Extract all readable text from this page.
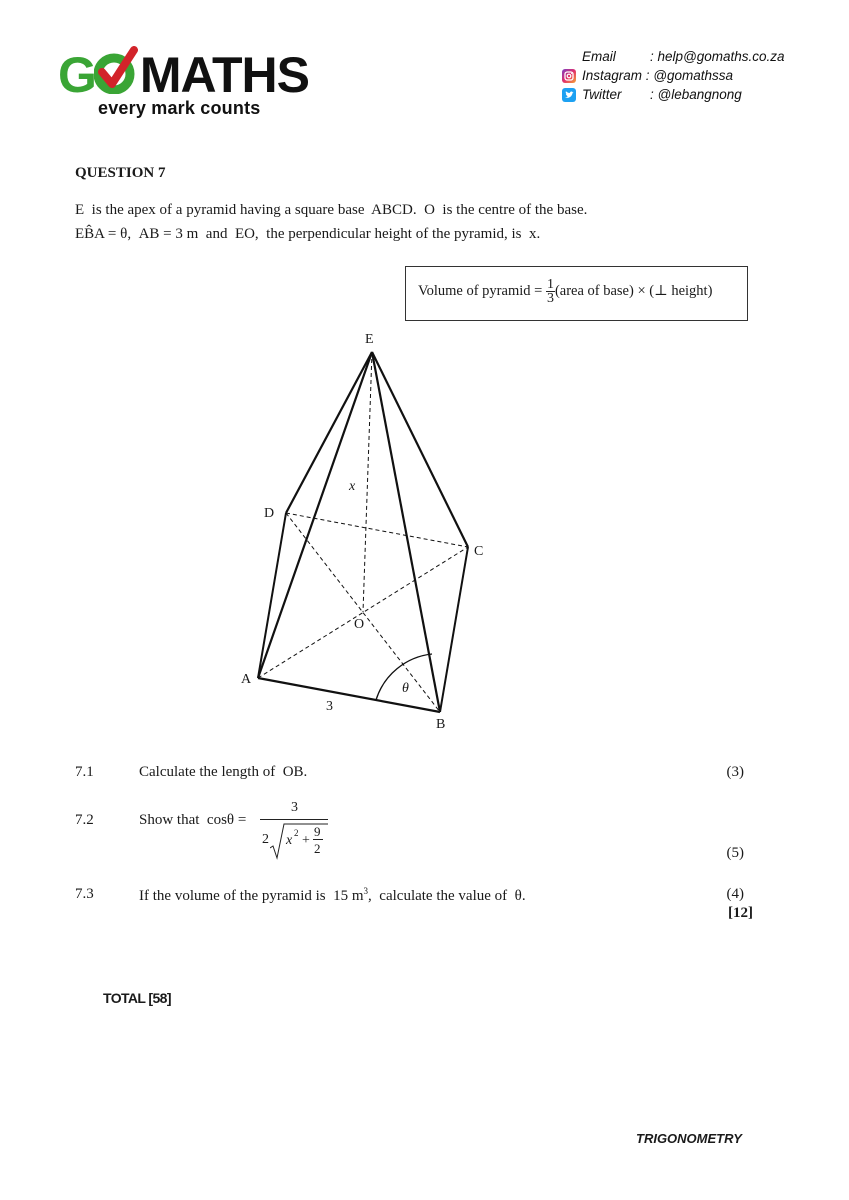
G MATHS
every mark counts
Email	: help@gomaths.co.za
Instagram : @gomathssa
Twitter : @lebangnong
QUESTION 7
E  is the apex of a pyramid having a square base  ABCD.  O  is the centre of the base.
EB̂A = θ,  AB = 3 m  and  EO,  the perpendicular height of the pyramid, is  x.
Volume of pyramid = $\frac{1}{3}$ (area of base) × (⊥ height)
E
D
C
O
A
B
x
θ
3
7.1	Calculate the length of  OB.	(3)
7.2	Show that  cosθ =
3
2 x 2 +
9
2	(5)
7.3	If the volume of the pyramid is  15 $m^3$,  calculate the value of  θ.	(4)
[12]
TOTAL [58]
TRIGONOMETRY
